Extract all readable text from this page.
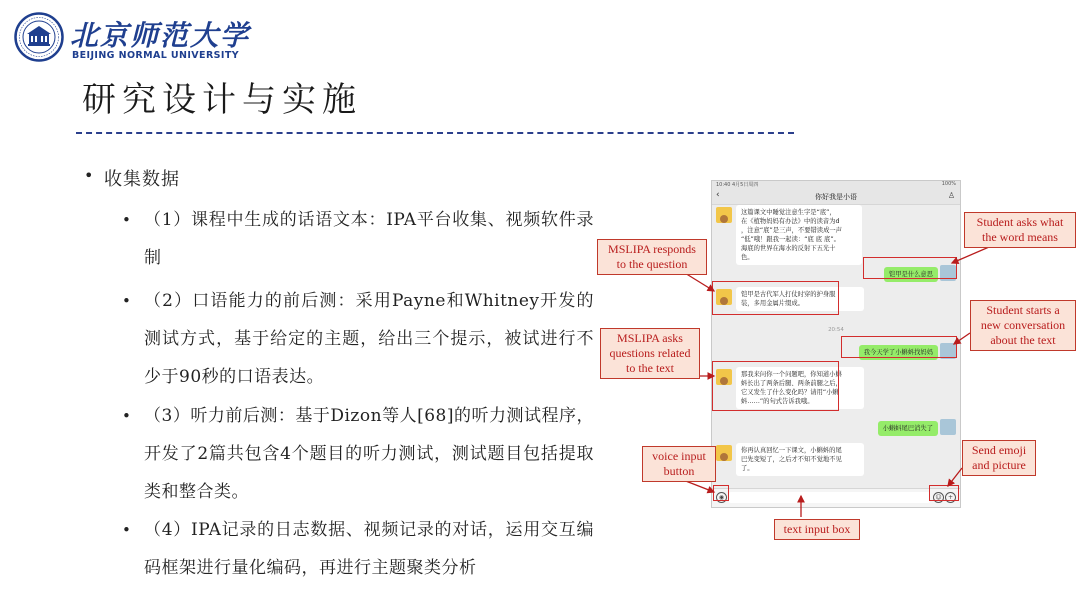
北京师范大学
BEIJING NORMAL UNIVERSITY
研究设计与实施
• 收集数据
• （1）课程中生成的话语文本：IPA平台收集、视频软件录制
• （2）口语能力的前后测：采用Payne和Whitney开发的测试方式，基于给定的主题，给出三个提示，被试进行不少于90秒的口语表达。
• （3）听力前后测：基于Dizon等人[68]的听力测试程序，开发了2篇共包含4个题目的听力测试，测试题目包括提取类和整合类。
• （4）IPA记录的日志数据、视频记录的对话，运用交互编码框架进行量化编码，再进行主题聚类分析
10:40 4月5日周四	100%
‹	你好我是小语	♙
这篇课文中睡觉注意生字是“底”，
在《植物妈妈有办法》中的读音为d
，注意“底”是三声，不要错读成一声
“低”哦！跟我一起读：“底 底 底”。
海底的世界在海水的反射下五光十
色。
铠甲是什么意思
铠甲是古代军人打仗时穿的护身服
装，多用金属片缀成。
20:54
我今天学了小蝌蚪找妈妈
那我来问你一个问题吧，你知道小蝌
蚪长出了两条后腿、两条前腿之后，
它又发生了什么变化吗？请用“小蝌
蚪……”的句式告诉我哦。
小蝌蚪尾巴消失了
你再认真回忆一下课文，小蝌蚪的尾
巴先变短了，之后才不知不觉地不见
了。
◉	☺	+
Student asks what
the word means
MSLIPA responds
to the question
Student starts a
new conversation
about the text
MSLIPA asks
questions related
to the text
voice input
button
Send emoji
and picture
text input box
